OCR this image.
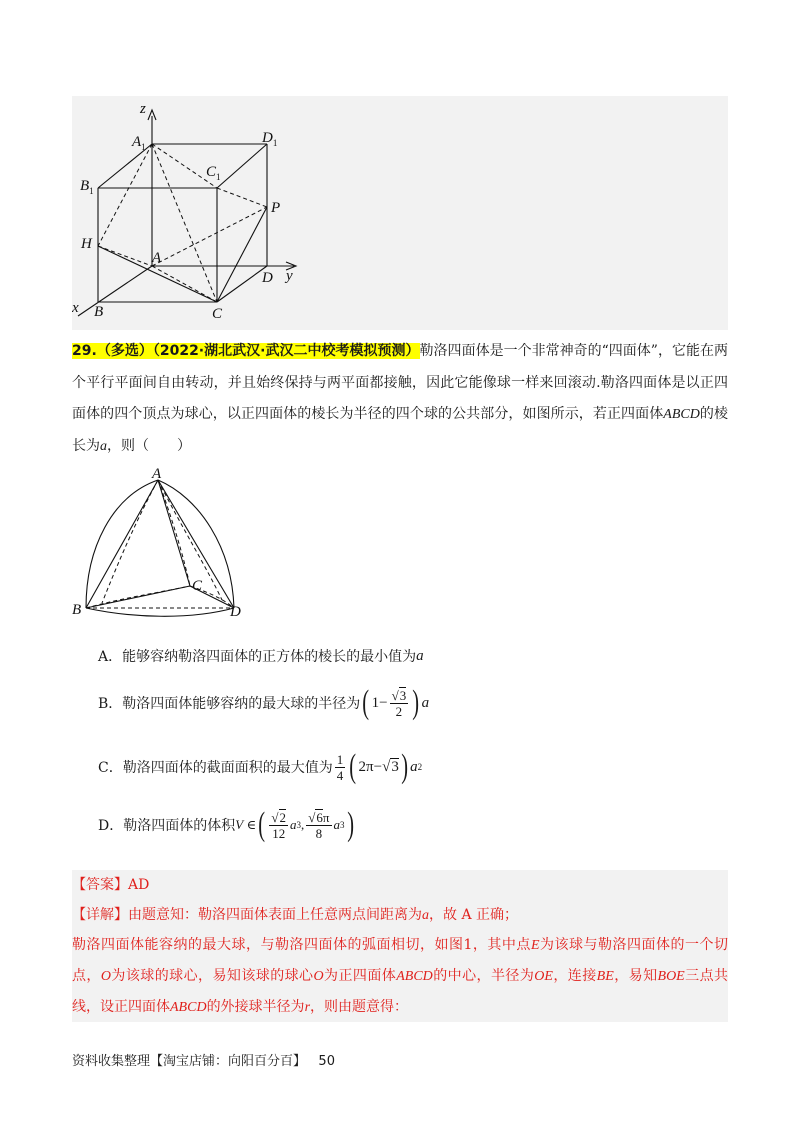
z
y
x
$A_1$
$D_1$
$B_1$
$C_1$
P
H
A
D
B	C
29.（多选）（2022·湖北武汉·武汉二中校考模拟预测）勒洛四面体是一个非常神奇的“四面体”，它能在两个平行平面间自由转动，并且始终保持与两平面都接触，因此它能像球一样来回滚动.勒洛四面体是以正四面体的四个顶点为球心，以正四面体的棱长为半径的四个球的公共部分，如图所示，若正四面体ABCD的棱长为a，则（　　）
A
B
C
D
A．能够容纳勒洛四面体的正方体的棱长的最小值为 a
B．勒洛四面体能够容纳的最大球的半径为 ( 1 − √ $\frac{3}{2}$ ) a
C．勒洛四面体的截面面积的最大值为 $\frac{1}{4}$ ( 2π − √ 3 ) a 2
D．勒洛四面体的体积 V
∈ ( √ $\frac{2}{12}$ a 3 , √ $\frac{6\pi}{8}$ a 3 )
【答案】AD
【详解】由题意知：勒洛四面体表面上任意两点间距离为a，故 A 正确；
勒洛四面体能容纳的最大球，与勒洛四面体的弧面相切，如图1，其中点E为该球与勒洛四面体的一个切点，O为该球的球心，易知该球的球心O为正四面体ABCD的中心，半径为OE，连接BE，易知BOE三点共线，设正四面体ABCD的外接球半径为r，则由题意得：
资料收集整理【淘宝店铺：向阳百分百】 50
